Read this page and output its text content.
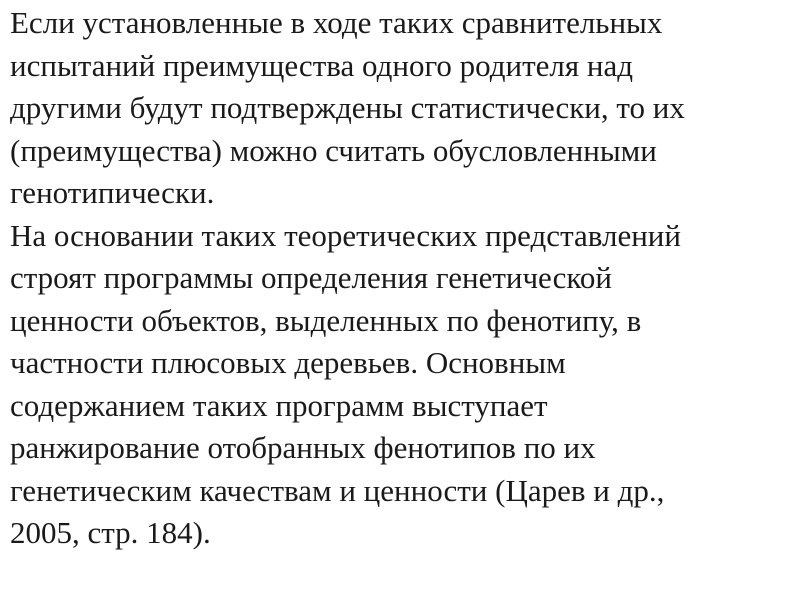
Если установленные в ходе таких сравнительных
испытаний преимущества одного родителя над
другими будут подтверждены статистически, то их
(преимущества) можно считать обусловленными
генотипически.
На основании таких теоретических представлений
строят программы определения генетической
ценности объектов, выделенных по фенотипу, в
частности плюсовых деревьев. Основным
содержанием таких программ выступает
ранжирование отобранных фенотипов по их
генетическим качествам и ценности (Царев и др.,
2005, стр. 184).
